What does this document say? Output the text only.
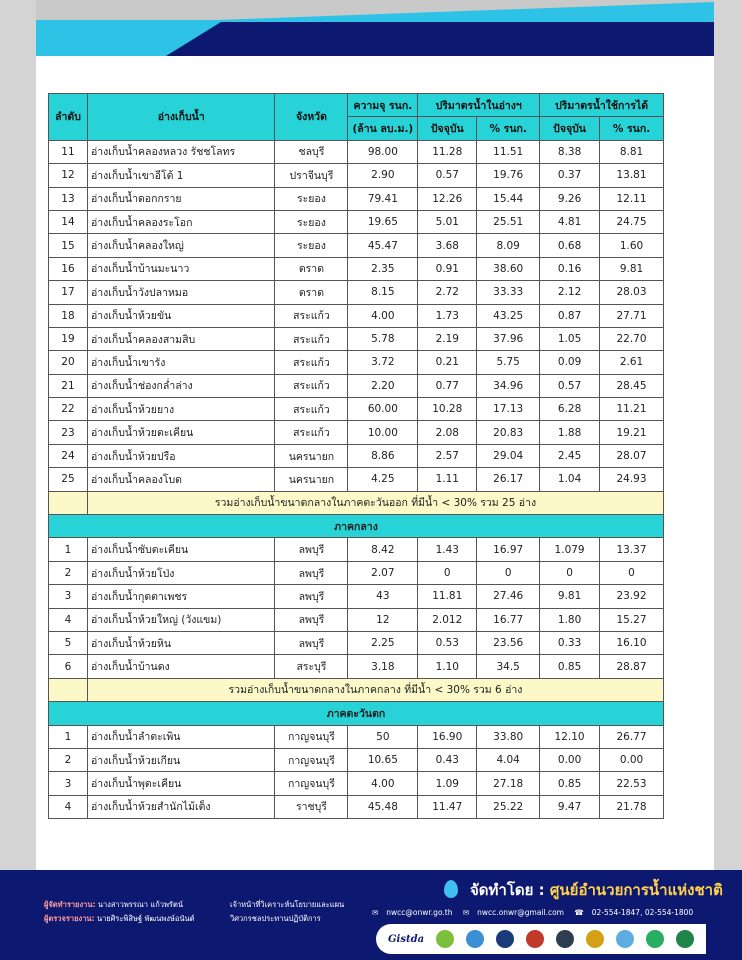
ลำดับ	อ่างเก็บน้ำ	จังหวัด	ความจุ รนก.	ปริมาตรน้ำในอ่างฯ		ปริมาตรน้ำใช้การได้	
			(ล้าน ลบ.ม.)	ปัจจุบัน	% รนก.	ปัจจุบัน	% รนก.
11	อ่างเก็บน้ำคลองหลวง รัชชโลทร	ชลบุรี	98.00	11.28	11.51	8.38	8.81
12	อ่างเก็บน้ำเขาอีโต้ 1	ปราจีนบุรี	2.90	0.57	19.76	0.37	13.81
13	อ่างเก็บน้ำดอกกราย	ระยอง	79.41	12.26	15.44	9.26	12.11
14	อ่างเก็บน้ำคลองระโอก	ระยอง	19.65	5.01	25.51	4.81	24.75
15	อ่างเก็บน้ำคลองใหญ่	ระยอง	45.47	3.68	8.09	0.68	1.60
16	อ่างเก็บน้ำบ้านมะนาว	ตราด	2.35	0.91	38.60	0.16	9.81
17	อ่างเก็บน้ำวังปลาหมอ	ตราด	8.15	2.72	33.33	2.12	28.03
18	อ่างเก็บน้ำห้วยขัน	สระแก้ว	4.00	1.73	43.25	0.87	27.71
19	อ่างเก็บน้ำคลองสามสิบ	สระแก้ว	5.78	2.19	37.96	1.05	22.70
20	อ่างเก็บน้ำเขารัง	สระแก้ว	3.72	0.21	5.75	0.09	2.61
21	อ่างเก็บน้ำช่องกล่ำล่าง	สระแก้ว	2.20	0.77	34.96	0.57	28.45
22	อ่างเก็บน้ำห้วยยาง	สระแก้ว	60.00	10.28	17.13	6.28	11.21
23	อ่างเก็บน้ำห้วยตะเคียน	สระแก้ว	10.00	2.08	20.83	1.88	19.21
24	อ่างเก็บน้ำห้วยปรือ	นครนายก	8.86	2.57	29.04	2.45	28.07
25	อ่างเก็บน้ำคลองโบด	นครนายก	4.25	1.11	26.17	1.04	24.93
	รวมอ่างเก็บน้ำขนาดกลางในภาคตะวันออก ที่มีน้ำ < 30% รวม 25 อ่าง						
ภาคกลาง							
1	อ่างเก็บน้ำซับตะเคียน	ลพบุรี	8.42	1.43	16.97	1.079	13.37
2	อ่างเก็บน้ำห้วยโป่ง	ลพบุรี	2.07	0	0	0	0
3	อ่างเก็บน้ำกุดตาเพชร	ลพบุรี	43	11.81	27.46	9.81	23.92
4	อ่างเก็บน้ำห้วยใหญ่ (วังแขม)	ลพบุรี	12	2.012	16.77	1.80	15.27
5	อ่างเก็บน้ำห้วยหิน	ลพบุรี	2.25	0.53	23.56	0.33	16.10
6	อ่างเก็บน้ำบ้านดง	สระบุรี	3.18	1.10	34.5	0.85	28.87
	รวมอ่างเก็บน้ำขนาดกลางในภาคกลาง ที่มีน้ำ < 30% รวม 6 อ่าง						
ภาคตะวันตก							
1	อ่างเก็บน้ำลำตะเพิน	กาญจนบุรี	50	16.90	33.80	12.10	26.77
2	อ่างเก็บน้ำห้วยเกียน	กาญจนบุรี	10.65	0.43	4.04	0.00	0.00
3	อ่างเก็บน้ำพุตะเคียน	กาญจนบุรี	4.00	1.09	27.18	0.85	22.53
4	อ่างเก็บน้ำห้วยสำนักไม้เต็ง	ราชบุรี	45.48	11.47	25.22	9.47	21.78
ผู้จัดทำรายงาน: นางสาวพรรณา แก้วพรัตน์
ผู้ตรวจรายงาน: นายศิระพิสิษฐ์ พัฒนพงษ์อนันต์
เจ้าหน้าที่วิเคราะห์นโยบายและแผน
วิศวกรชลประทานปฏิบัติการ
จัดทำโดย : ศูนย์อำนวยการน้ำแห่งชาติ
✉ nwcc@onwr.go.th ✉ nwcc.onwr@gmail.com ☎ 02-554-1847, 02-554-1800
Gistda
